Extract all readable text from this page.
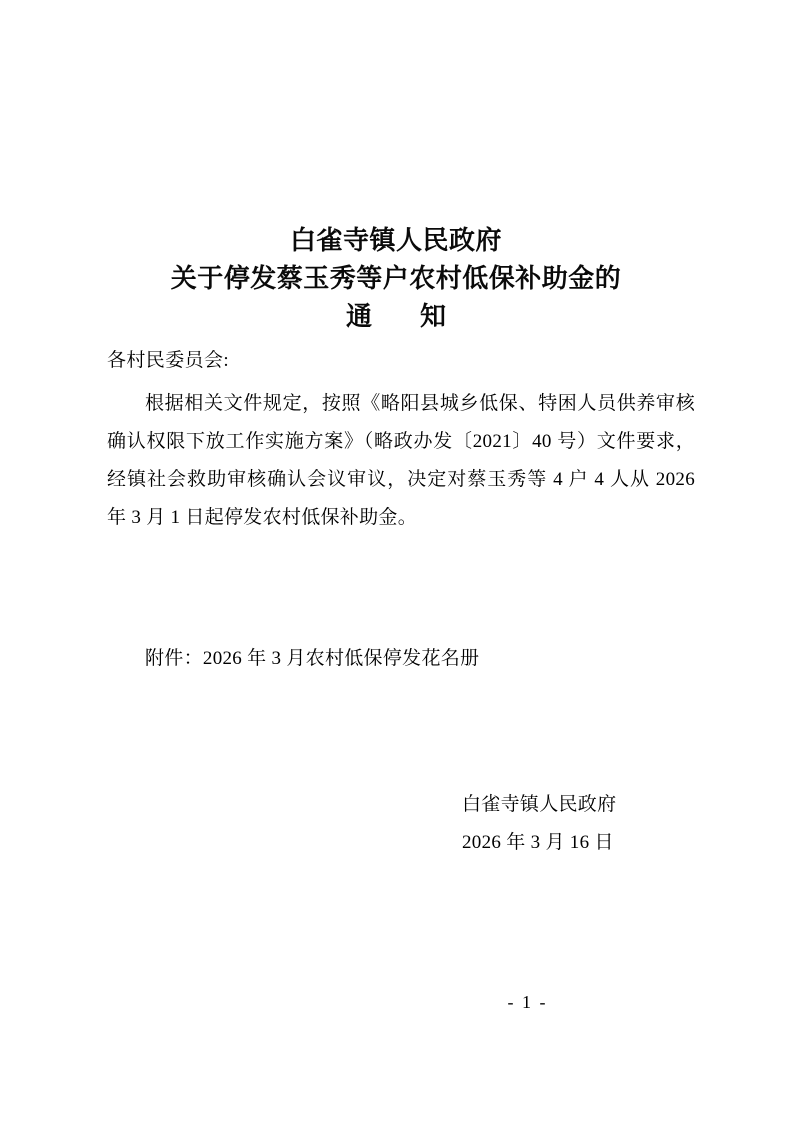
白雀寺镇人民政府
关于停发蔡玉秀等户农村低保补助金的
通  知
各村民委员会:
根据相关文件规定，按照《略阳县城乡低保、特困人员供养审核确认权限下放工作实施方案》（略政办发〔2021〕40 号）文件要求，经镇社会救助审核确认会议审议，决定对蔡玉秀等 4 户 4 人从 2026 年 3 月 1 日起停发农村低保补助金。
附件：2026 年 3 月农村低保停发花名册
白雀寺镇人民政府
2026 年 3 月 16 日
- 1 -
